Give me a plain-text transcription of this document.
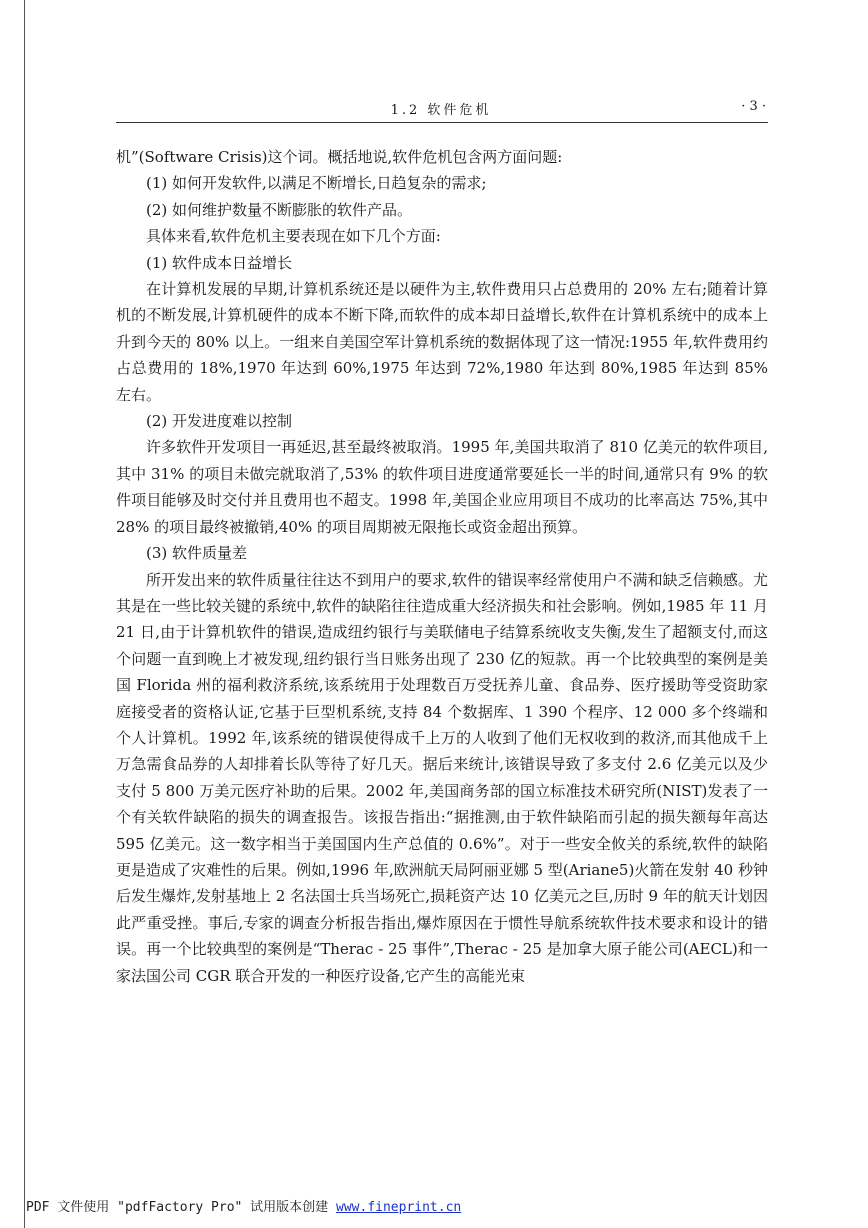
1.2 软件危机	· 3 ·

机”(Software Crisis)这个词。概括地说,软件危机包含两方面问题:

(1) 如何开发软件,以满足不断增长,日趋复杂的需求;

(2) 如何维护数量不断膨胀的软件产品。

具体来看,软件危机主要表现在如下几个方面:

(1) 软件成本日益增长

在计算机发展的早期,计算机系统还是以硬件为主,软件费用只占总费用的 20% 左右;随着计算机的不断发展,计算机硬件的成本不断下降,而软件的成本却日益增长,软件在计算机系统中的成本上升到今天的 80% 以上。一组来自美国空军计算机系统的数据体现了这一情况:1955 年,软件费用约占总费用的 18%,1970 年达到 60%,1975 年达到 72%,1980 年达到 80%,1985 年达到 85% 左右。

(2) 开发进度难以控制

许多软件开发项目一再延迟,甚至最终被取消。1995 年,美国共取消了 810 亿美元的软件项目,其中 31% 的项目未做完就取消了,53% 的软件项目进度通常要延长一半的时间,通常只有 9% 的软件项目能够及时交付并且费用也不超支。1998 年,美国企业应用项目不成功的比率高达 75%,其中 28% 的项目最终被撤销,40% 的项目周期被无限拖长或资金超出预算。

(3) 软件质量差

所开发出来的软件质量往往达不到用户的要求,软件的错误率经常使用户不满和缺乏信赖感。尤其是在一些比较关键的系统中,软件的缺陷往往造成重大经济损失和社会影响。例如,1985 年 11 月 21 日,由于计算机软件的错误,造成纽约银行与美联储电子结算系统收支失衡,发生了超额支付,而这个问题一直到晚上才被发现,纽约银行当日账务出现了 230 亿的短款。再一个比较典型的案例是美国 Florida 州的福利救济系统,该系统用于处理数百万受抚养儿童、食品券、医疗援助等受资助家庭接受者的资格认证,它基于巨型机系统,支持 84 个数据库、1 390 个程序、12 000 多个终端和个人计算机。1992 年,该系统的错误使得成千上万的人收到了他们无权收到的救济,而其他成千上万急需食品券的人却排着长队等待了好几天。据后来统计,该错误导致了多支付 2.6 亿美元以及少支付 5 800 万美元医疗补助的后果。2002 年,美国商务部的国立标准技术研究所(NIST)发表了一个有关软件缺陷的损失的调查报告。该报告指出:“据推测,由于软件缺陷而引起的损失额每年高达 595 亿美元。这一数字相当于美国国内生产总值的 0.6%”。对于一些安全攸关的系统,软件的缺陷更是造成了灾难性的后果。例如,1996 年,欧洲航天局阿丽亚娜 5 型(Ariane5)火箭在发射 40 秒钟后发生爆炸,发射基地上 2 名法国士兵当场死亡,损耗资产达 10 亿美元之巨,历时 9 年的航天计划因此严重受挫。事后,专家的调查分析报告指出,爆炸原因在于惯性导航系统软件技术要求和设计的错误。再一个比较典型的案例是“Therac - 25 事件”,Therac - 25 是加拿大原子能公司(AECL)和一家法国公司 CGR 联合开发的一种医疗设备,它产生的高能光束

PDF 文件使用 "pdfFactory Pro" 试用版本创建 www.fineprint.cn
